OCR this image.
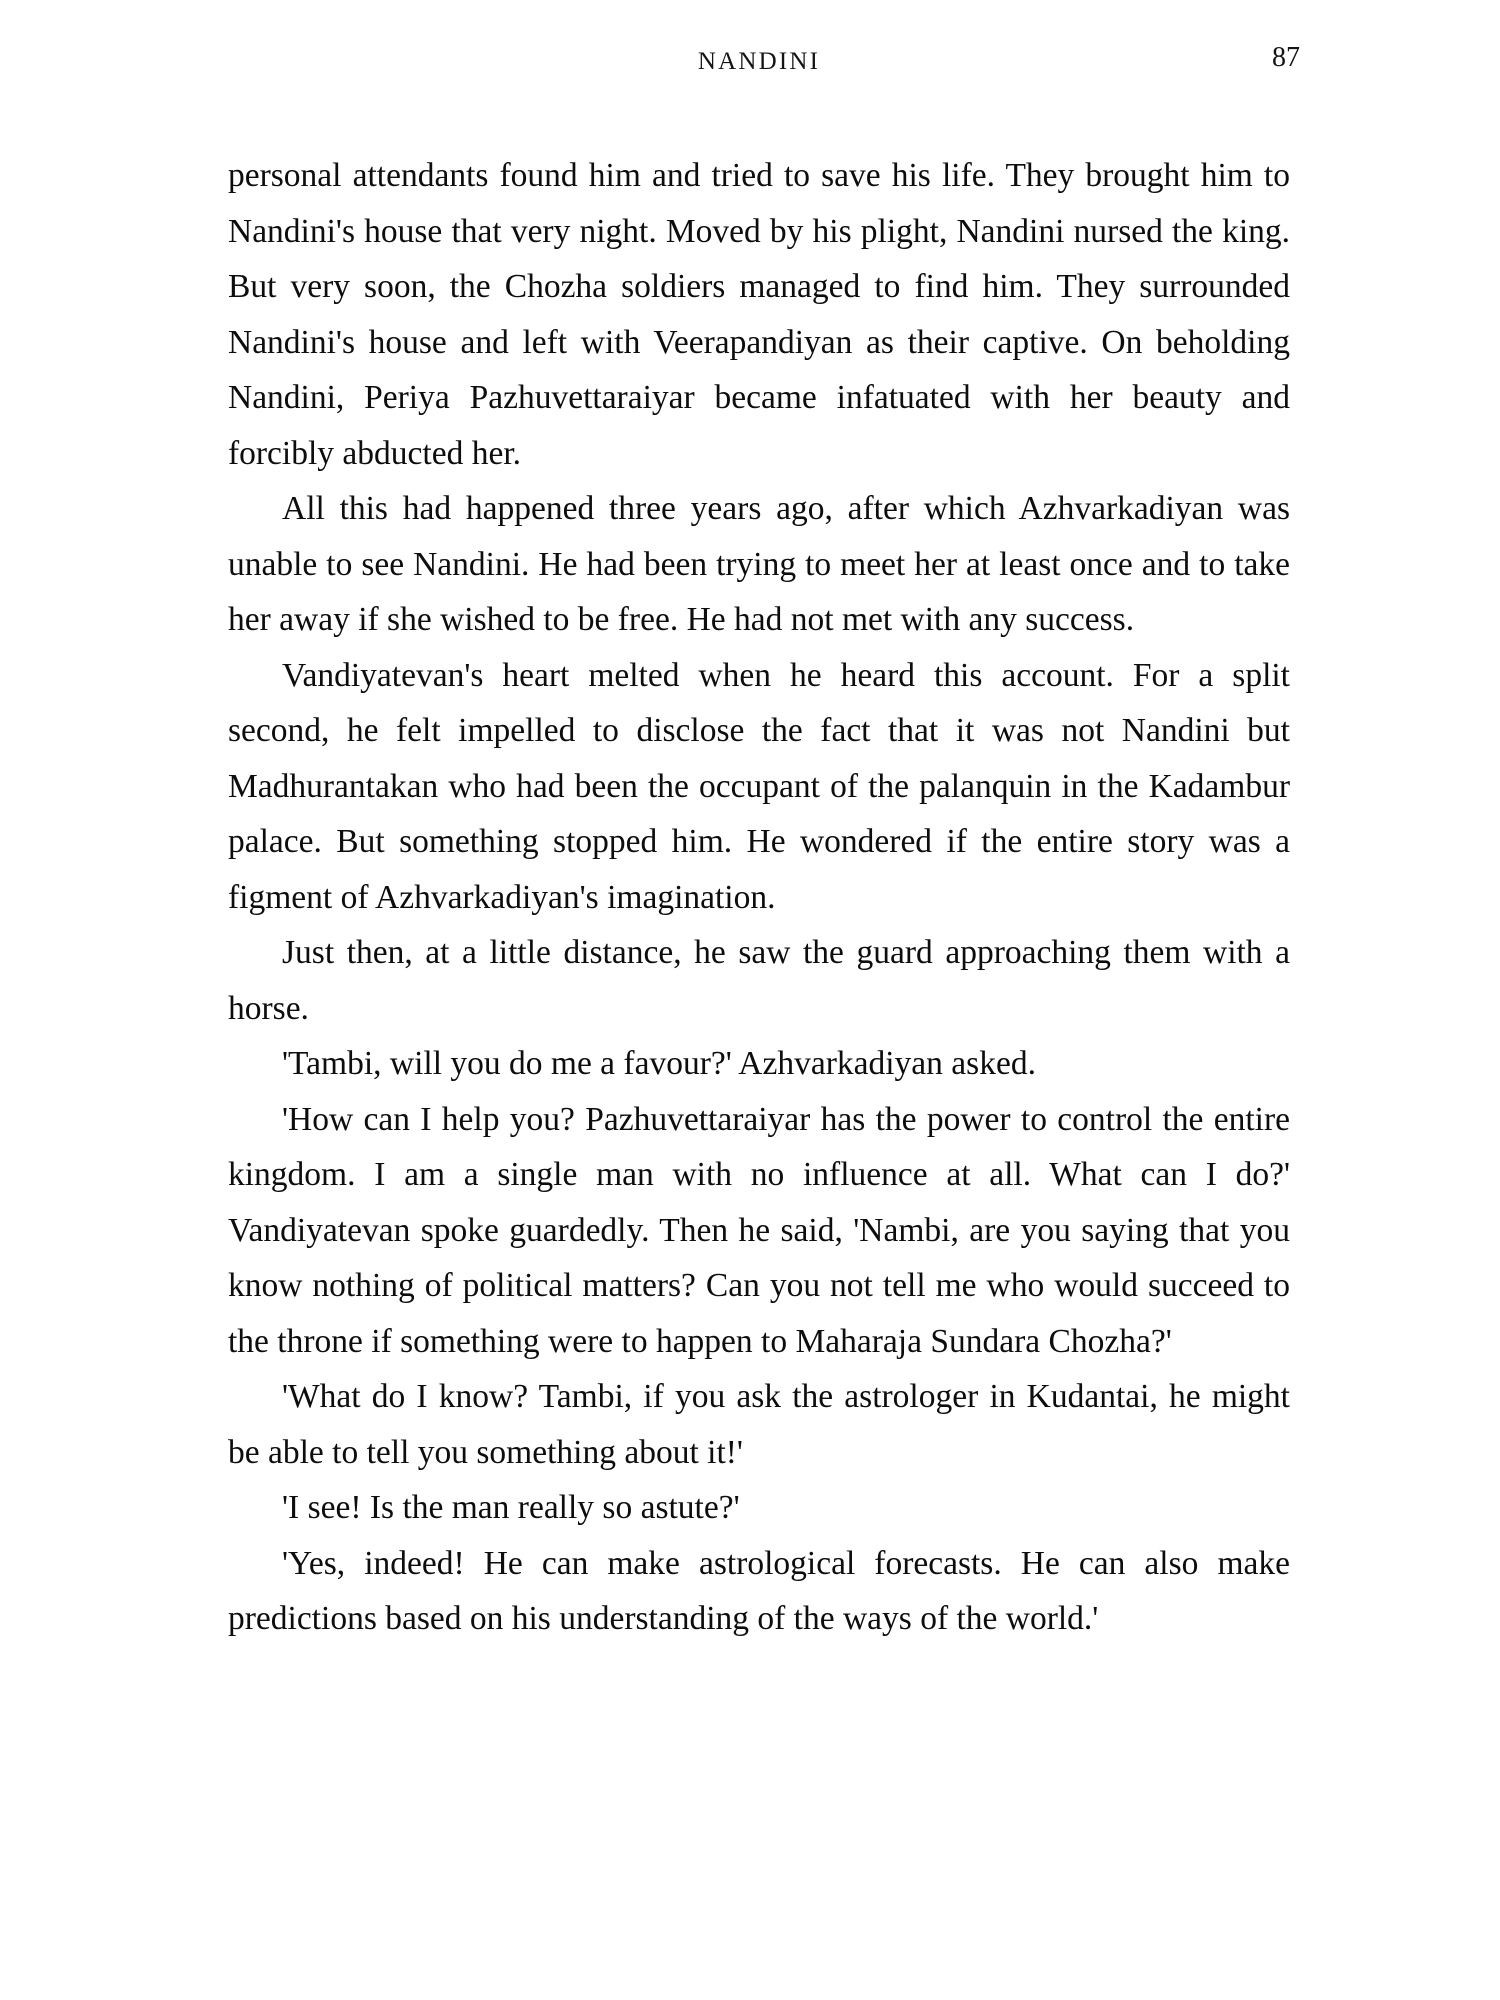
NANDINI	87

personal attendants found him and tried to save his life. They brought him to Nandini's house that very night. Moved by his plight, Nandini nursed the king. But very soon, the Chozha soldiers managed to find him. They surrounded Nandini's house and left with Veerapandiyan as their captive. On beholding Nandini, Periya Pazhuvettaraiyar became infatuated with her beauty and forcibly abducted her.

All this had happened three years ago, after which Azhvarkadiyan was unable to see Nandini. He had been trying to meet her at least once and to take her away if she wished to be free. He had not met with any success.

Vandiyatevan's heart melted when he heard this account. For a split second, he felt impelled to disclose the fact that it was not Nandini but Madhurantakan who had been the occupant of the palanquin in the Kadambur palace. But something stopped him. He wondered if the entire story was a figment of Azhvarkadiyan's imagination.

Just then, at a little distance, he saw the guard approaching them with a horse.

'Tambi, will you do me a favour?' Azhvarkadiyan asked.

'How can I help you? Pazhuvettaraiyar has the power to control the entire kingdom. I am a single man with no influence at all. What can I do?' Vandiyatevan spoke guardedly. Then he said, 'Nambi, are you saying that you know nothing of political matters? Can you not tell me who would succeed to the throne if something were to happen to Maharaja Sundara Chozha?'

'What do I know? Tambi, if you ask the astrologer in Kudantai, he might be able to tell you something about it!'

'I see! Is the man really so astute?'

'Yes, indeed! He can make astrological forecasts. He can also make predictions based on his understanding of the ways of the world.'
